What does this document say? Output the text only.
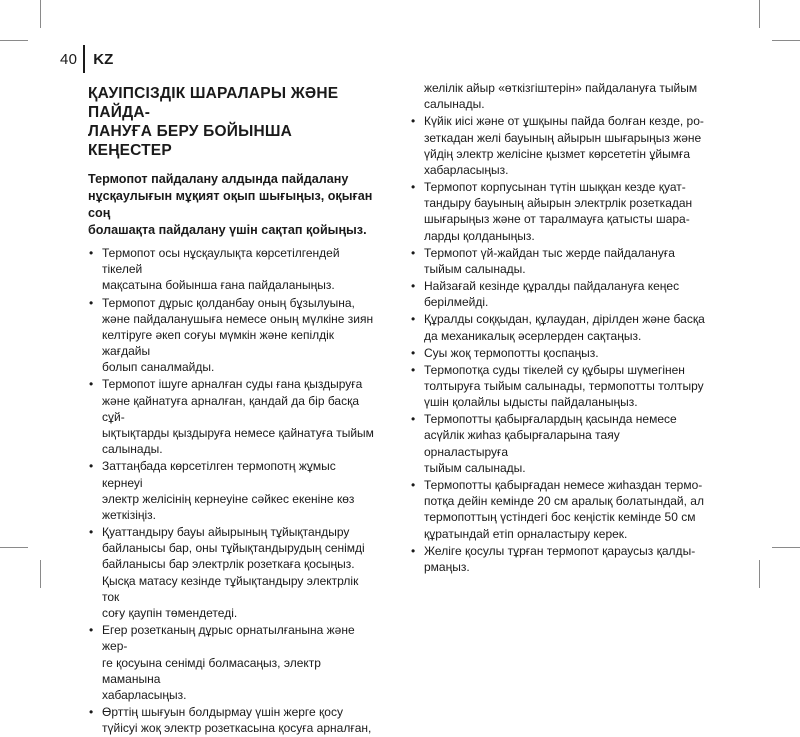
40 KZ
ҚАУІПСІЗДІК ШАРАЛАРЫ ЖӘНЕ ПАЙДА-
ЛАНУҒА БЕРУ БОЙЫНША КЕҢЕСТЕР

Термопот пайдалану алдында пайдалану
нұсқаулығын мұқият оқып шығыңыз, оқыған соң
болашақта пайдалану үшін сақтап қойыңыз.

• Термопот осы нұсқаулықта көрсетілгендей тікелей
мақсатына бойынша ғана пайдаланыңыз.
• Термопот дұрыс қолданбау оның бұзылуына,
және пайдаланушыға немесе оның мүлкіне зиян
келтіруге әкеп соғуы мүмкін және кепілдік жағдайы
болып саналмайды.
• Термопот ішуге арналған суды ғана қыздыруға
және қайнатуға арналған, қандай да бір басқа сұй-
ықтықтарды қыздыруға немесе қайнатуға тыйым
салынады.
• Заттаңбада көрсетілген термопотң жұмыс кернеуі
электр желісінің кернеуіне сәйкес екеніне көз
жеткізіңіз.
• Қуаттандыру бауы айырының тұйықтандыру
байланысы бар, оны тұйықтандырудың сенімді
байланысы бар электрлік розеткаға қосыңыз.
Қысқа матасу кезінде тұйықтандыру электрлік ток
соғу қаупін төмендетеді.
• Егер розетканың дұрыс орнатылғанына және жер-
ге қосуына сенімді болмасаңыз, электр маманына
хабарласыңыз.
• Өрттің шығуын болдырмау үшін жерге қосу
түйісуі жоқ электр розеткасына қосуға арналған,
желілік айыр «өткізгіштерін» пайдалануға тыйым
салынады.
• Күйік иісі және от ұшқыны пайда болған кезде, ро-
зеткадан желі бауының айырын шығарыңыз және
үйдің электр желісіне қызмет көрсететін ұйымға
хабарласыңыз.
• Термопот корпусынан түтін шыққан кезде қуат-
тандыру бауының айырын электрлік розеткадан
шығарыңыз және от таралмауға қатысты шара-
ларды қолданыңыз.
• Термопот үй-жайдан тыс жерде пайдалануға
тыйым салынады.
• Найзағай кезінде құралды пайдалануға кеңес
берілмейді.
• Құралды соққыдан, құлаудан, дірілден және басқа
да механикалық әсерлерден сақтаңыз.
• Суы жоқ термопотты қоспаңыз.
• Термопотқа суды тікелей су құбыры шүмегінен
толтыруға тыйым салынады, термопотты толтыру
үшін қолайлы ыдысты пайдаланыңыз.
• Термопотты қабырғалардың қасында немесе
асүйлік жиһаз қабырғаларына таяу орналастыруға
тыйым салынады.
• Термопотты қабырғадан немесе жиһаздан термо-
потқа дейін кемінде 20 см аралық болатындай, ал
термопоттың үстіндегі бос кеңістік кемінде 50 см
құратындай етіп орналастыру керек.
• Желіге қосулы тұрған термопот қараусыз қалды-
рмаңыз.
